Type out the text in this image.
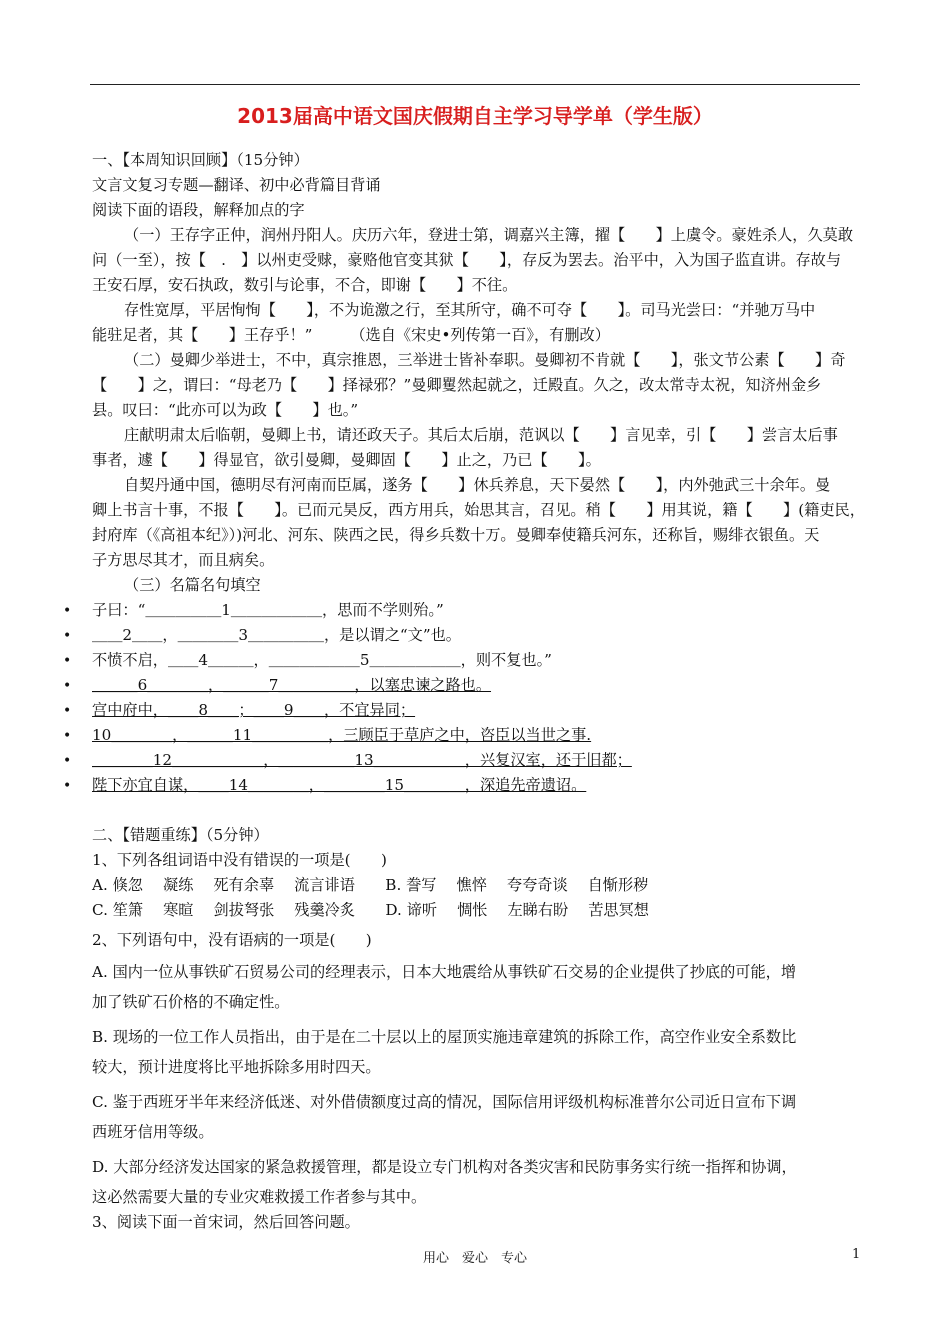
2013届高中语文国庆假期自主学习导学单（学生版）
一、【本周知识回顾】（15分钟）
文言文复习专题—翻译、初中必背篇目背诵
阅读下面的语段，解释加点的字
（一）王存字正仲，润州丹阳人。庆历六年，登进士第，调嘉兴主簿，擢【　　】上虞令。豪姓杀人，久莫敢
问（一至），按【　.　】以州吏受赇，豪赂他官变其狱【　　】，存反为罢去。治平中，入为国子监直讲。存故与
王安石厚，安石执政，数引与论事，不合，即谢【　　】不往。
存性宽厚，平居恂恂【　　】，不为诡激之行，至其所守，确不可夺【　　】。司马光尝曰：“并驰万马中
能驻足者，其【　　】王存乎！”　　　（选自《宋史•列传第一百》，有删改）
（二）曼卿少举进士，不中，真宗推恩，三举进士皆补奉职。曼卿初不肯就【　　】，张文节公素【　　】奇
【　　】之，谓曰：“母老乃【　　】择禄邪？”曼卿矍然起就之，迁殿直。久之，改太常寺太祝，知济州金乡
县。叹曰：“此亦可以为政【　　】也。”
庄献明肃太后临朝，曼卿上书，请还政天子。其后太后崩，范讽以【　　】言见幸，引【　　】尝言太后事
事者，遽【　　】得显官，欲引曼卿，曼卿固【　　】止之，乃已【　　】。
自契丹通中国，德明尽有河南而臣属，遂务【　　】休兵养息，天下晏然【　　】，内外弛武三十余年。曼
卿上书言十事，不报【　　】。已而元昊反，西方用兵，始思其言，召见。稍【　　】用其说，籍【　　】(籍吏民，
封府库（《高祖本纪》）)河北、河东、陕西之民，得乡兵数十万。曼卿奉使籍兵河东，还称旨，赐绯衣银鱼。天
子方思尽其才，而且病矣。
（三）名篇名句填空
• 子曰：“＿＿＿＿＿1＿＿＿＿＿＿，思而不学则殆。”
• ＿＿2＿＿，＿＿＿＿3＿＿＿＿＿，是以谓之“文”也。
• 不愤不启，＿＿4＿＿＿，＿＿＿＿＿＿5＿＿＿＿＿＿，则不复也。”
• ＿＿＿6＿＿＿＿，＿＿＿7＿＿＿＿＿，以塞忠谏之路也。
• 宫中府中，＿＿8＿＿；＿＿9＿＿，不宜异同；
• 10＿＿＿＿，＿＿＿11＿＿＿＿＿，三顾臣于草庐之中，咨臣以当世之事.
• ＿＿＿＿12＿＿＿＿＿＿，＿＿＿＿＿13＿＿＿＿＿＿，兴复汉室，还于旧都；
• 陛下亦宜自谋，＿＿14＿＿＿＿，＿＿＿＿15＿＿＿＿，深追先帝遗诏。
二、【错题重练】（5分钟）
1、下列各组词语中没有错误的一项是(　　)
A. 倏忽　 凝练　 死有余辜　 流言诽语　　B. 誊写　 憔悴　 夸夸奇谈　 自惭形秽
C. 笙箫　 寒暄　 剑拔弩张　 残羹冷炙　　D. 谛听　 惆怅　 左睇右盼　 苦思冥想
2、下列语句中，没有语病的一项是(　　)
A. 国内一位从事铁矿石贸易公司的经理表示，日本大地震给从事铁矿石交易的企业提供了抄底的可能，增
加了铁矿石价格的不确定性。
B. 现场的一位工作人员指出，由于是在二十层以上的屋顶实施违章建筑的拆除工作，高空作业安全系数比
较大，预计进度将比平地拆除多用时四天。
C. 鉴于西班牙半年来经济低迷、对外借债额度过高的情况，国际信用评级机构标准普尔公司近日宣布下调
西班牙信用等级。
D. 大部分经济发达国家的紧急救援管理，都是设立专门机构对各类灾害和民防事务实行统一指挥和协调，
这必然需要大量的专业灾难救援工作者参与其中。
3、阅读下面一首宋词，然后回答问题。
用心　爱心　专心	1
